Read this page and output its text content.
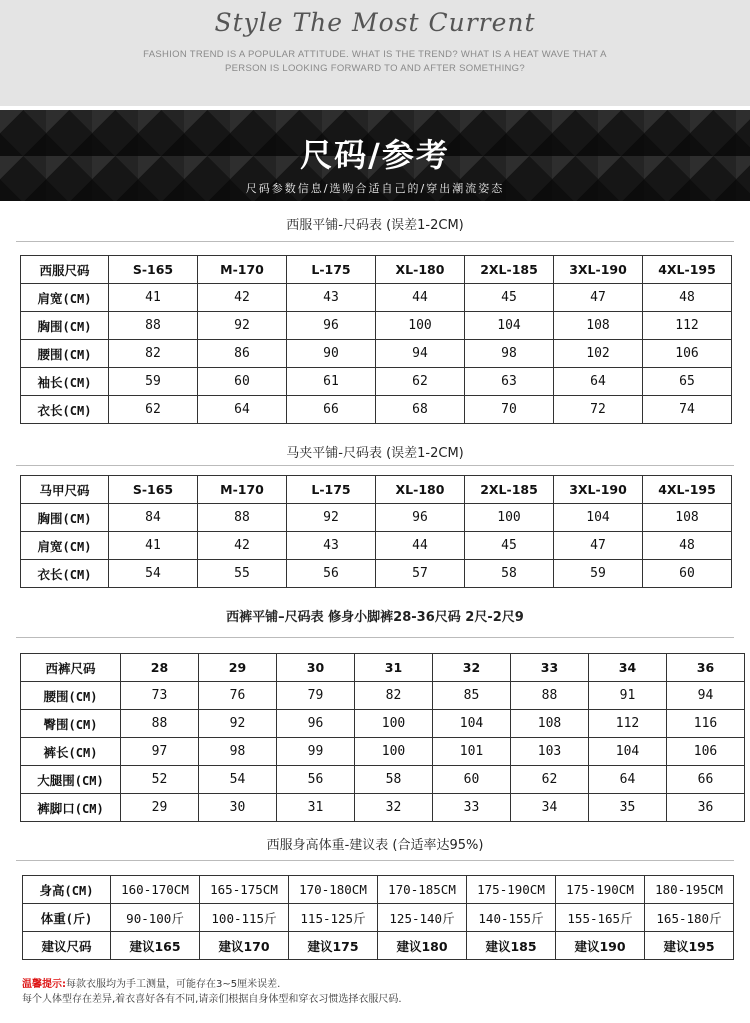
Style The Most Current
FASHION TREND IS A POPULAR ATTITUDE. WHAT IS THE TREND? WHAT IS A HEAT WAVE THAT A
PERSON IS LOOKING FORWARD TO AND AFTER SOMETHING?
尺码/参考
尺码参数信息/选购合适自己的/穿出潮流姿态
西服平铺-尺码表 (误差1-2CM)
西服尺码	S-165	M-170	L-175	XL-180	2XL-185	3XL-190	4XL-195
肩宽(CM)	41	42	43	44	45	47	48
胸围(CM)	88	92	96	100	104	108	112
腰围(CM)	82	86	90	94	98	102	106
袖长(CM)	59	60	61	62	63	64	65
衣长(CM)	62	64	66	68	70	72	74
马夹平铺-尺码表 (误差1-2CM)
马甲尺码	S-165	M-170	L-175	XL-180	2XL-185	3XL-190	4XL-195
胸围(CM)	84	88	92	96	100	104	108
肩宽(CM)	41	42	43	44	45	47	48
衣长(CM)	54	55	56	57	58	59	60
西裤平铺–尺码表 修身小脚裤28-36尺码 2尺-2尺9
西裤尺码	28	29	30	31	32	33	34	36
腰围(CM)	73	76	79	82	85	88	91	94
臀围(CM)	88	92	96	100	104	108	112	116
裤长(CM)	97	98	99	100	101	103	104	106
大腿围(CM)	52	54	56	58	60	62	64	66
裤脚口(CM)	29	30	31	32	33	34	35	36
西服身高体重-建议表 (合适率达95%)
身高(CM)	160-170CM	165-175CM	170-180CM	170-185CM	175-190CM	175-190CM	180-195CM
体重(斤)	90-100斤	100-115斤	115-125斤	125-140斤	140-155斤	155-165斤	165-180斤
建议尺码	建议165	建议170	建议175	建议180	建议185	建议190	建议195
温馨提示:每款衣服均为手工测量，可能存在3~5厘米误差.
每个人体型存在差异,着衣喜好各有不同,请亲们根据自身体型和穿衣习惯选择衣服尺码.
